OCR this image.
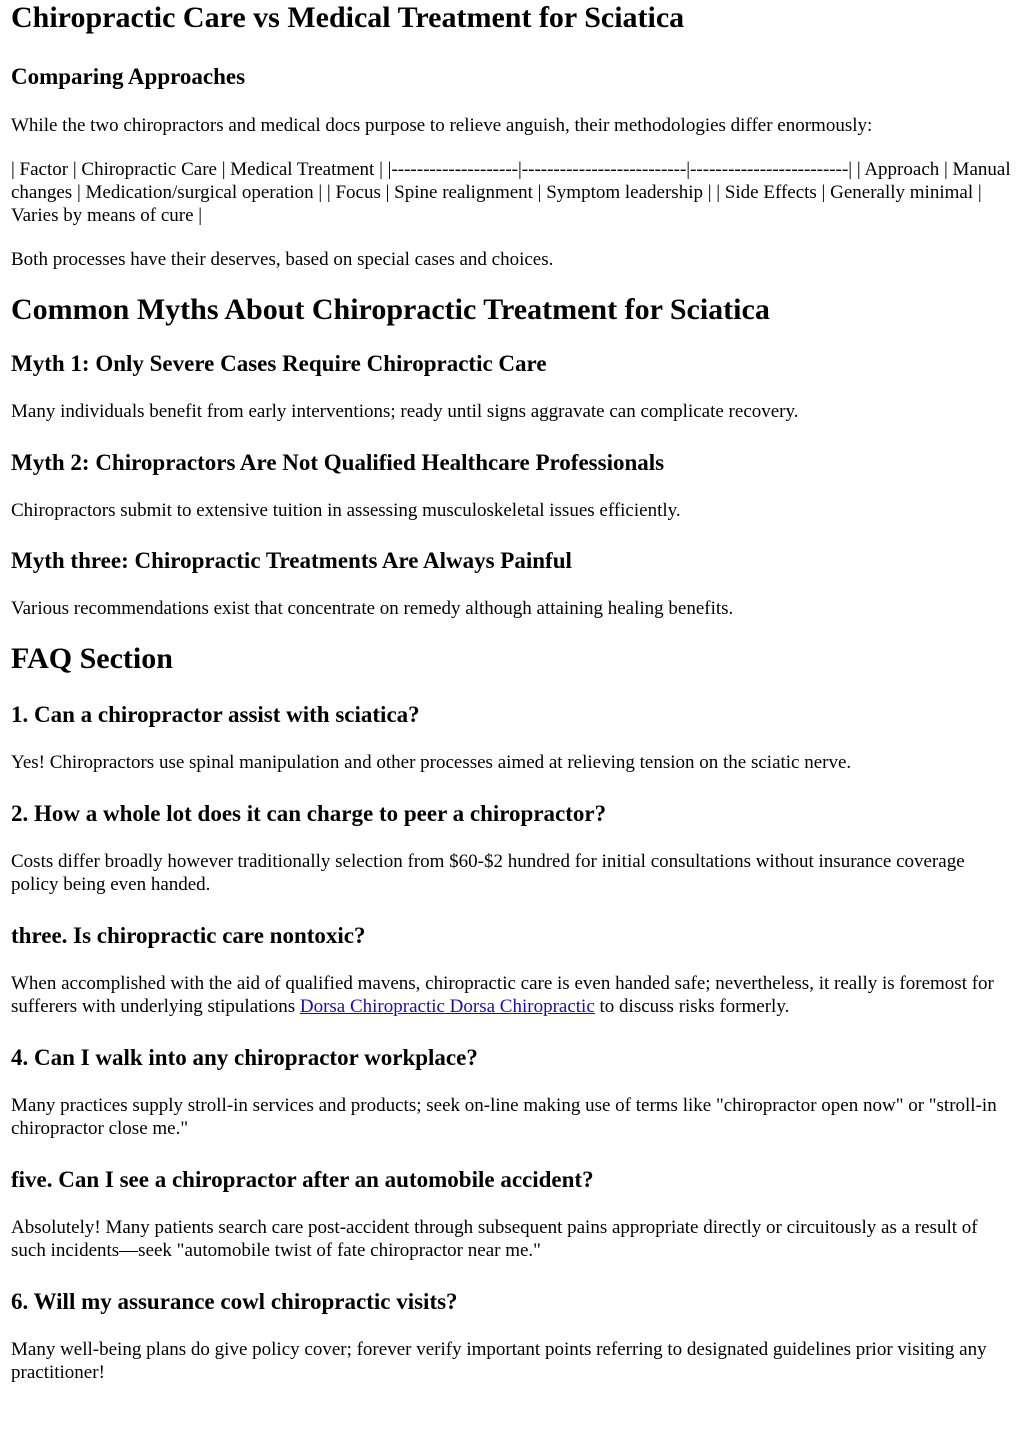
Chiropractic Care vs Medical Treatment for Sciatica
Comparing Approaches

While the two chiropractors and medical docs purpose to relieve anguish, their methodologies differ enormously:

| Factor | Chiropractic Care | Medical Treatment | |--------------------|--------------------------|-------------------------| | Approach | Manual changes | Medication/surgical operation | | Focus | Spine realignment | Symptom leadership | | Side Effects | Generally minimal | Varies by means of cure |

Both processes have their deserves, based on special cases and choices.

Common Myths About Chiropractic Treatment for Sciatica
Myth 1: Only Severe Cases Require Chiropractic Care

Many individuals benefit from early interventions; ready until signs aggravate can complicate recovery.

Myth 2: Chiropractors Are Not Qualified Healthcare Professionals

Chiropractors submit to extensive tuition in assessing musculoskeletal issues efficiently.

Myth three: Chiropractic Treatments Are Always Painful

Various recommendations exist that concentrate on remedy although attaining healing benefits.

FAQ Section
1. Can a chiropractor assist with sciatica?

Yes! Chiropractors use spinal manipulation and other processes aimed at relieving tension on the sciatic nerve.

2. How a whole lot does it can charge to peer a chiropractor?

Costs differ broadly however traditionally selection from $60-$2 hundred for initial consultations without insurance coverage policy being even handed.

three. Is chiropractic care nontoxic?

When accomplished with the aid of qualified mavens, chiropractic care is even handed safe; nevertheless, it really is foremost for sufferers with underlying stipulations Dorsa Chiropractic Dorsa Chiropractic to discuss risks formerly.

4. Can I walk into any chiropractor workplace?

Many practices supply stroll-in services and products; seek on-line making use of terms like "chiropractor open now" or "stroll-in chiropractor close me."

five. Can I see a chiropractor after an automobile accident?

Absolutely! Many patients search care post-accident through subsequent pains appropriate directly or circuitously as a result of such incidents—seek "automobile twist of fate chiropractor near me."

6. Will my assurance cowl chiropractic visits?

Many well-being plans do give policy cover; forever verify important points referring to designated guidelines prior visiting any practitioner!
